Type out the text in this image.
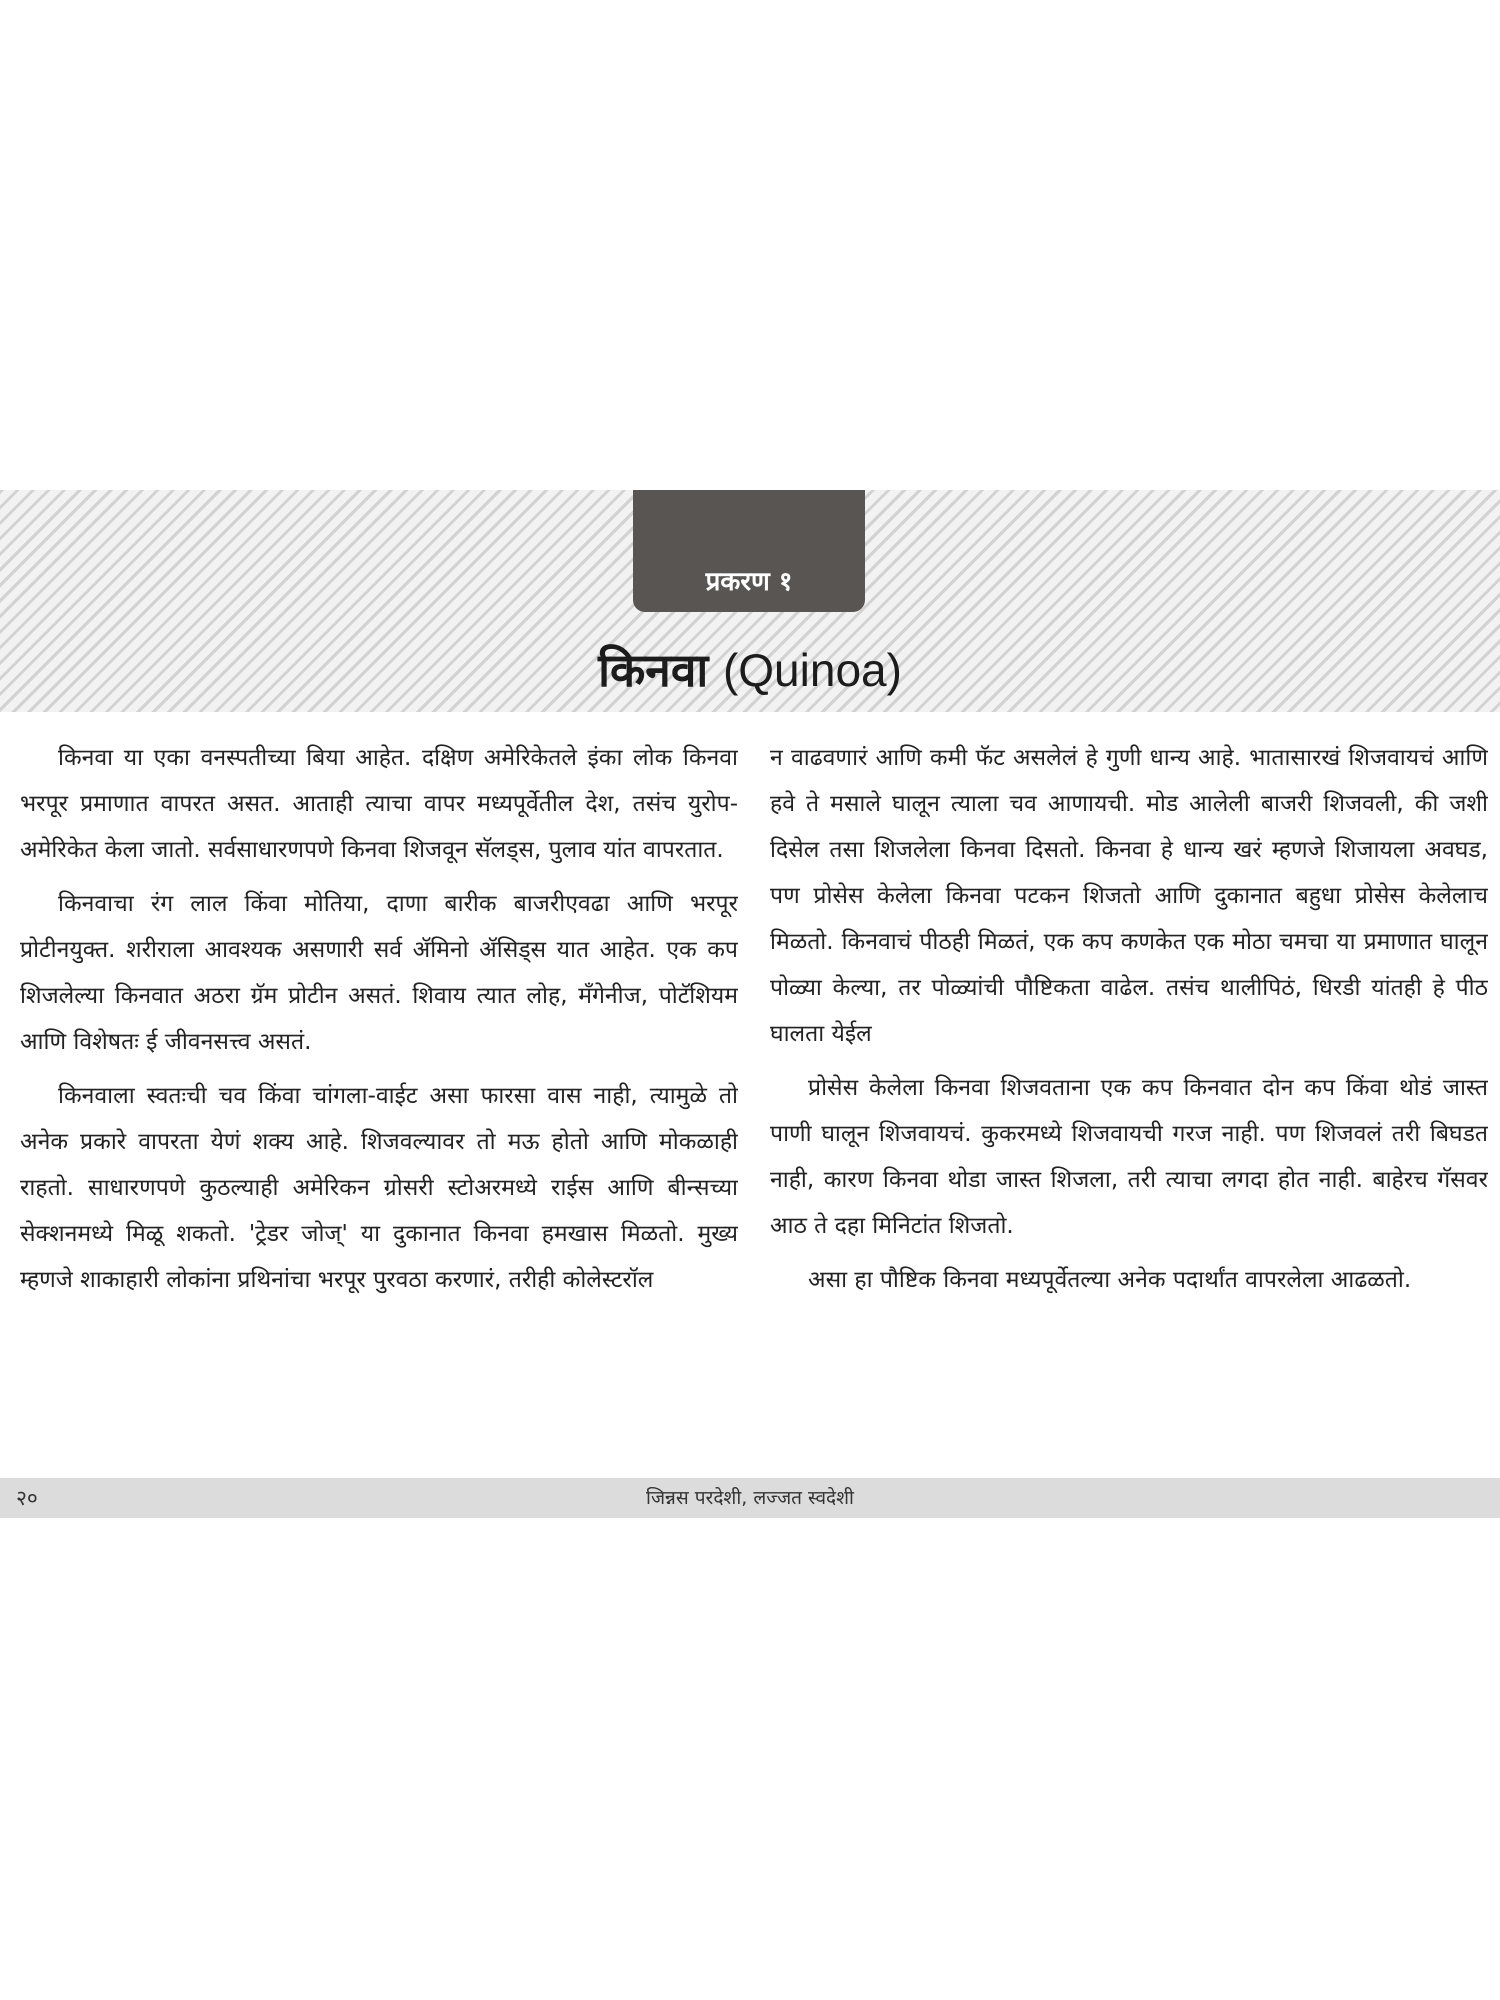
प्रकरण १
किनवा (Quinoa)

किनवा या एका वनस्पतीच्या बिया आहेत. दक्षिण अमेरिकेतले इंका लोक किनवा भरपूर प्रमाणात वापरत असत. आताही त्याचा वापर मध्यपूर्वेतील देश, तसंच युरोप-अमेरिकेत केला जातो. सर्वसाधारणपणे किनवा शिजवून सॅलड्स, पुलाव यांत वापरतात.

किनवाचा रंग लाल किंवा मोतिया, दाणा बारीक बाजरीएवढा आणि भरपूर प्रोटीनयुक्त. शरीराला आवश्यक असणारी सर्व ॲमिनो ॲसिड्स यात आहेत. एक कप शिजलेल्या किनवात अठरा ग्रॅम प्रोटीन असतं. शिवाय त्यात लोह, मॅंगेनीज, पोटॅशियम आणि विशेषतः ई जीवनसत्त्व असतं.

किनवाला स्वतःची चव किंवा चांगला-वाईट असा फारसा वास नाही, त्यामुळे तो अनेक प्रकारे वापरता येणं शक्य आहे. शिजवल्यावर तो मऊ होतो आणि मोकळाही राहतो. साधारणपणे कुठल्याही अमेरिकन ग्रोसरी स्टोअरमध्ये राईस आणि बीन्सच्या सेक्शनमध्ये मिळू शकतो. 'ट्रेडर जोज्' या दुकानात किनवा हमखास मिळतो. मुख्य म्हणजे शाकाहारी लोकांना प्रथिनांचा भरपूर पुरवठा करणारं, तरीही कोलेस्टरॉल

न वाढवणारं आणि कमी फॅट असलेलं हे गुणी धान्य आहे. भातासारखं शिजवायचं आणि हवे ते मसाले घालून त्याला चव आणायची. मोड आलेली बाजरी शिजवली, की जशी दिसेल तसा शिजलेला किनवा दिसतो. किनवा हे धान्य खरं म्हणजे शिजायला अवघड, पण प्रोसेस केलेला किनवा पटकन शिजतो आणि दुकानात बहुधा प्रोसेस केलेलाच मिळतो. किनवाचं पीठही मिळतं, एक कप कणकेत एक मोठा चमचा या प्रमाणात घालून पोळ्या केल्या, तर पोळ्यांची पौष्टिकता वाढेल. तसंच थालीपिठं, धिरडी यांतही हे पीठ घालता येईल

प्रोसेस केलेला किनवा शिजवताना एक कप किनवात दोन कप किंवा थोडं जास्त पाणी घालून शिजवायचं. कुकरमध्ये शिजवायची गरज नाही. पण शिजवलं तरी बिघडत नाही, कारण किनवा थोडा जास्त शिजला, तरी त्याचा लगदा होत नाही. बाहेरच गॅसवर आठ ते दहा मिनिटांत शिजतो.

असा हा पौष्टिक किनवा मध्यपूर्वेतल्या अनेक पदार्थांत वापरलेला आढळतो.

जिन्नस परदेशी, लज्जत स्वदेशी
२०
